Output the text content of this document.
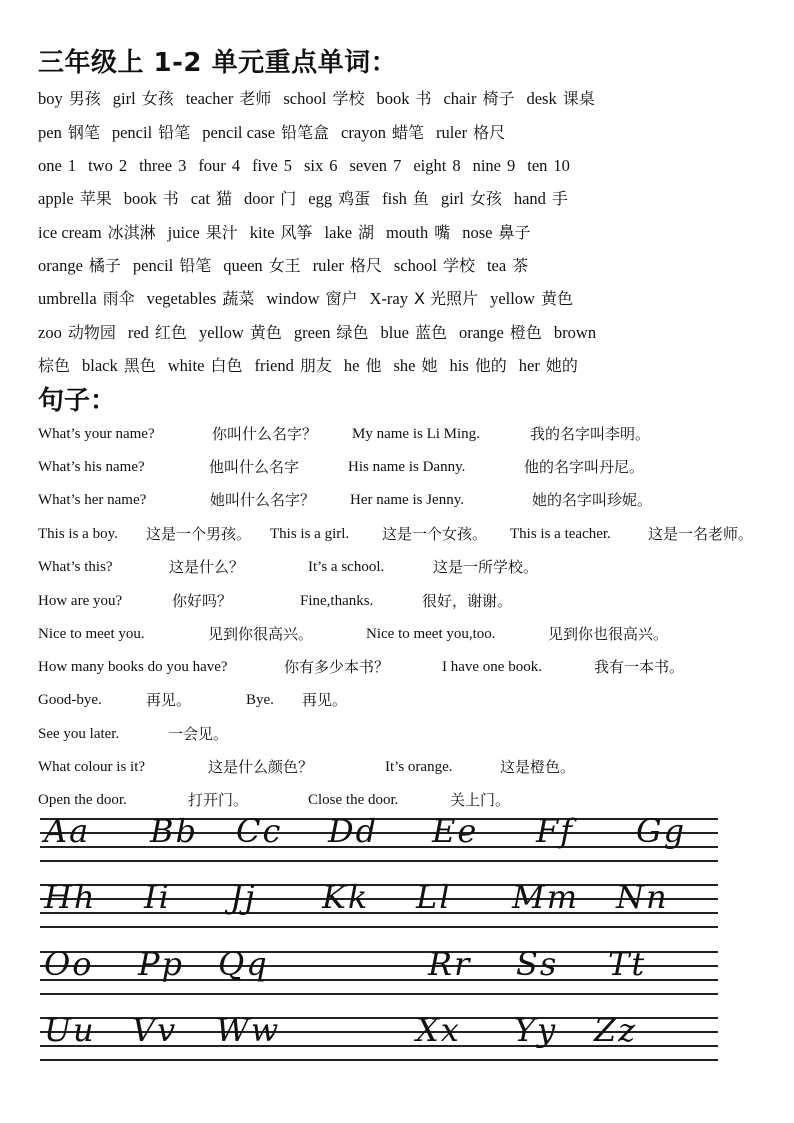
三年级上 1-2 单元重点单词：
boy 男孩 girl 女孩 teacher 老师 school 学校 book 书 chair 椅子 desk 课桌
pen 钢笔 pencil 铅笔 pencil case 铅笔盒 crayon 蜡笔 ruler 格尺
one 1 two 2 three 3 four 4 five 5 six 6 seven 7 eight 8 nine 9 ten 10
apple 苹果 book 书 cat 猫 door 门 egg 鸡蛋 fish 鱼 girl 女孩 hand 手
ice cream 冰淇淋 juice 果汁 kite 风筝 lake 湖 mouth 嘴 nose 鼻子
orange 橘子 pencil 铅笔 queen 女王 ruler 格尺 school 学校 tea 茶
umbrella 雨伞 vegetables 蔬菜 window 窗户 X-ray X 光照片 yellow 黄色
zoo 动物园 red 红色 yellow 黄色 green 绿色 blue 蓝色 orange 橙色 brown
棕色 black 黑色 white 白色 friend 朋友 he 他 she 她 his 他的 her 她的
句子：
What’s your name?	你叫什么名字？ My name is Li Ming.	我的名字叫李明。
What’s his name?	他叫什么名字	His name is Danny.	他的名字叫丹尼。
What’s her name?	她叫什么名字？ Her name is Jenny.	她的名字叫珍妮。
This is a boy. 这是一个男孩。 This is a girl. 这是一个女孩。 This is a teacher. 这是一名老师。
What’s this?	这是什么？	It’s a school.	这是一所学校。
How are you?	你好吗？	Fine,thanks.	很好，谢谢。
Nice to meet you.	见到你很高兴。	Nice to meet you,too.	见到你也很高兴。
How many books do you have?	你有多少本书？	I have one book.	我有一本书。
Good-bye.	再见。	Bye. 再见。
See you later.	一会见。
What colour is it?	这是什么颜色？	It’s orange.	这是橙色。
Open the door.	打开门。	Close the door.	关上门。
Aa Bb Cc Dd Ee Ff Gg
Hh Ii Jj Kk Ll Mm Nn
Oo Pp Qq	Rr Ss Tt
Uu Vv Ww	Xx Yy Zz
